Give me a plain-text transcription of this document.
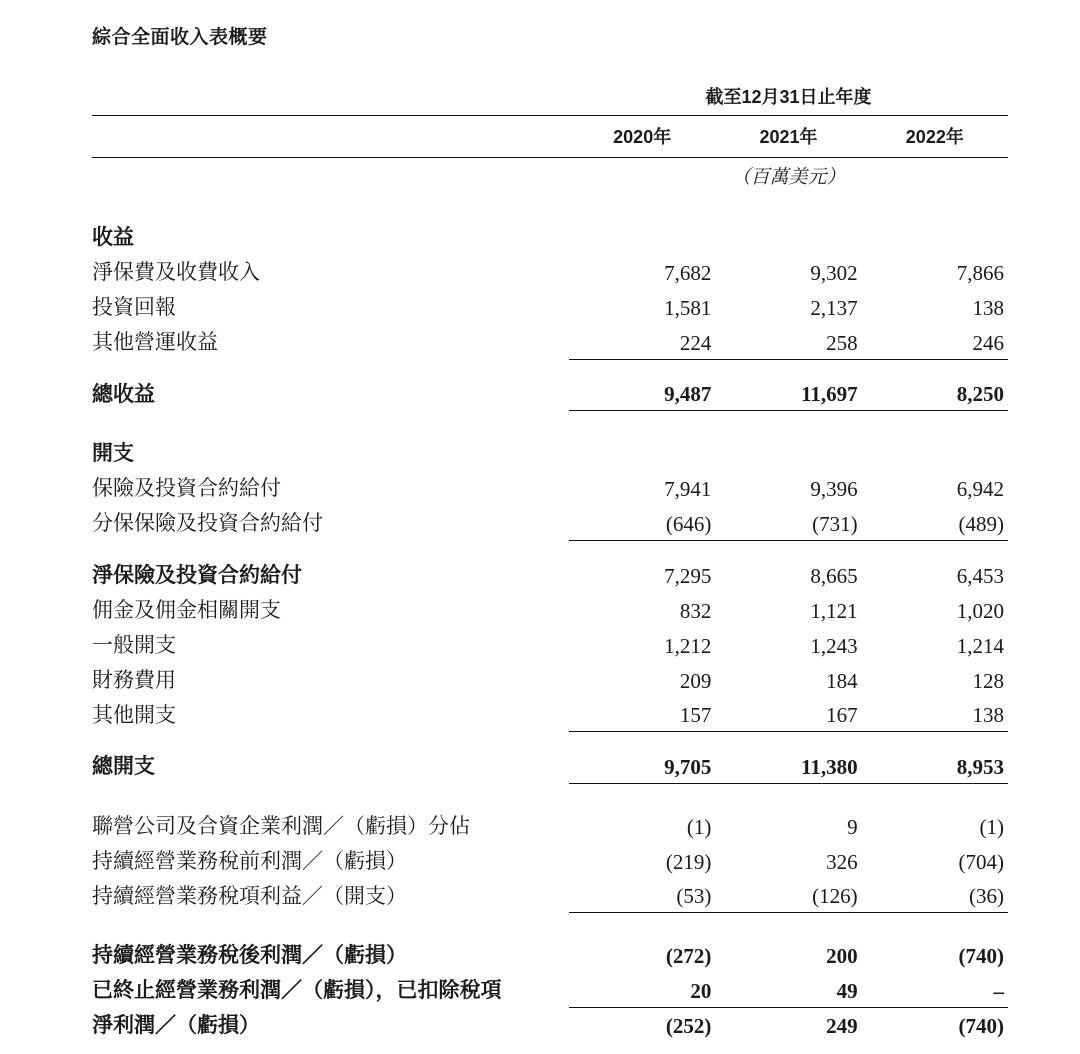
綜合全面收入表概要
	截至12月31日止年度		

	2020年	2021年	2022年

	（百萬美元）		

收益			
淨保費及收費收入	7,682	9,302	7,866
投資回報	1,581	2,137	138
其他營運收益	224	258	246

總收益	9,487	11,697	8,250

開支			
保險及投資合約給付	7,941	9,396	6,942
分保保險及投資合約給付	(646)	(731)	(489)

淨保險及投資合約給付	7,295	8,665	6,453
佣金及佣金相關開支	832	1,121	1,020
一般開支	1,212	1,243	1,214
財務費用	209	184	128
其他開支	157	167	138

總開支	9,705	11,380	8,953

聯營公司及合資企業利潤／（虧損）分佔	(1)	9	(1)
持續經營業務稅前利潤／（虧損）	(219)	326	(704)
持續經營業務稅項利益／（開支）	(53)	(126)	(36)

持續經營業務稅後利潤／（虧損）	(272)	200	(740)
已終止經營業務利潤／（虧損），已扣除稅項	20	49	–
淨利潤／（虧損）	(252)	249	(740)
